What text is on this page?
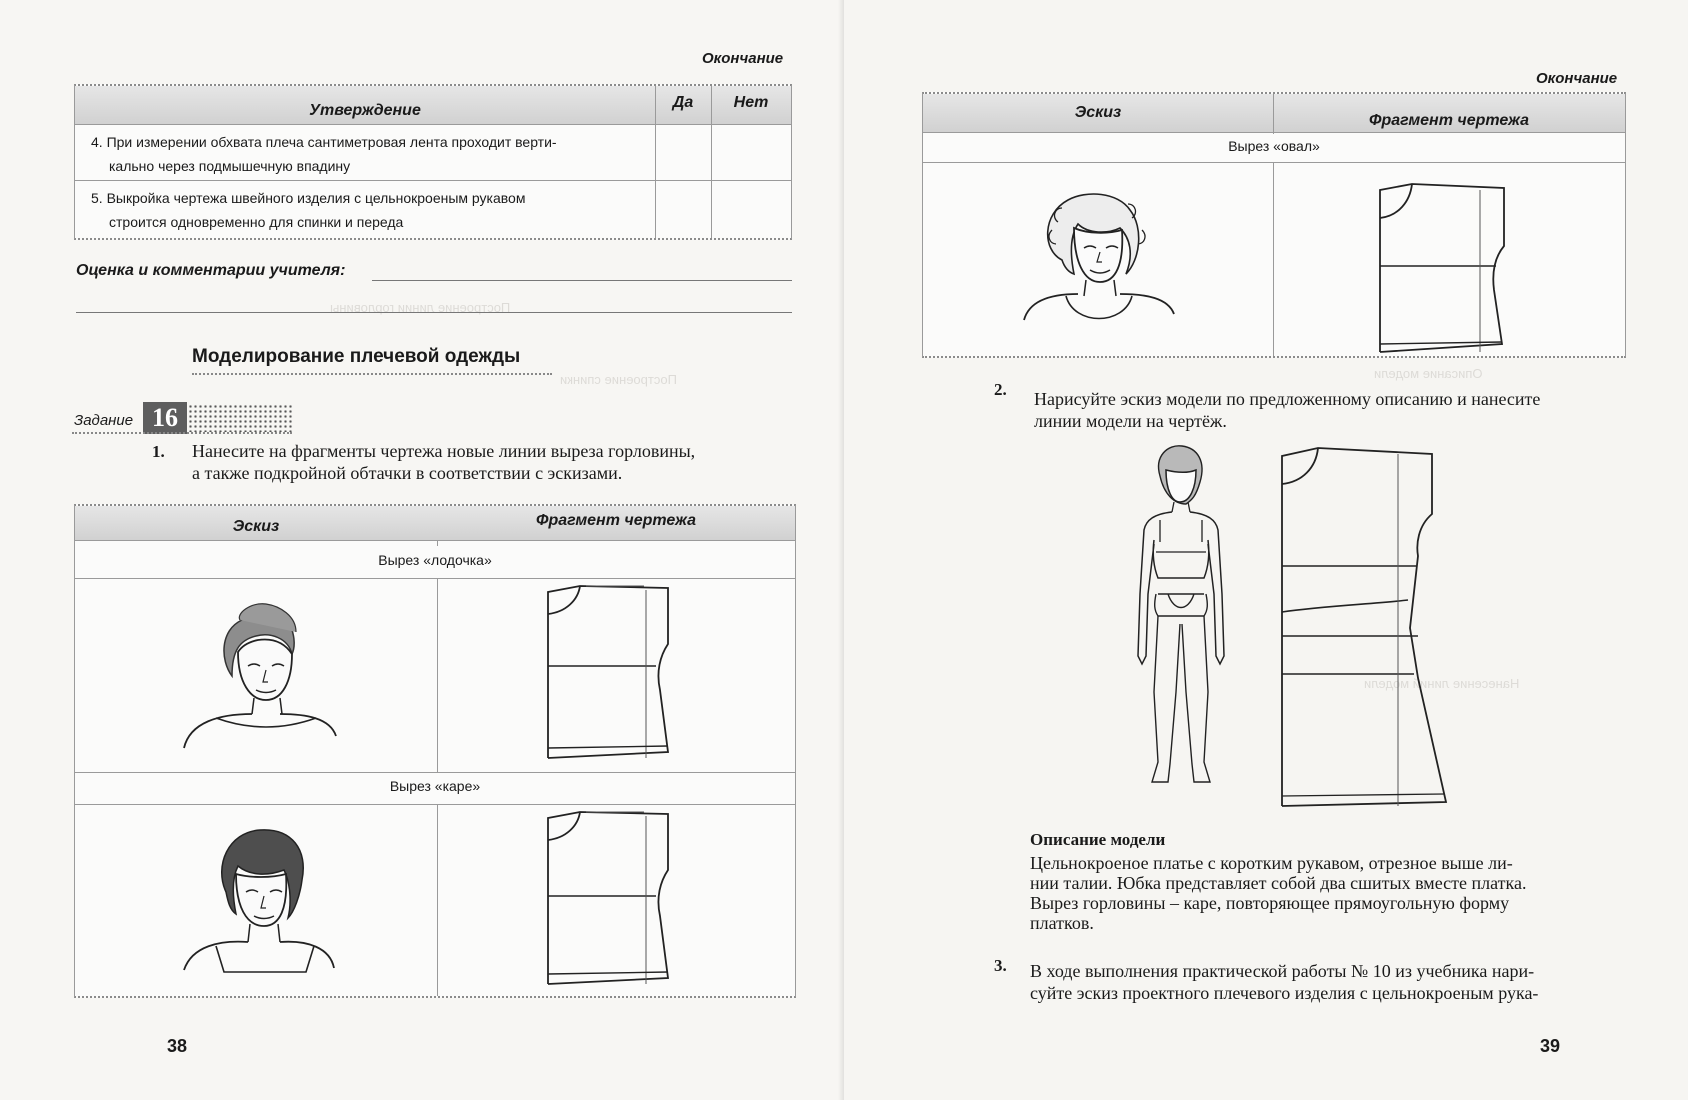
Построение линии горловины
Построение спинки
Окончание
Утверждение	Да	Нет
4. При измерении обхвата плеча сантиметровая лента проходит верти-
кально через подмышечную впадину
5. Выкройка чертежа швейного изделия с цельнокроеным рукавом
строится одновременно для спинки и переда
Оценка и комментарии учителя:
Моделирование плечевой одежды
Задание 16
1. Нанесите на фрагменты чертежа новые линии выреза горловины,
а также подкройной обтачки в соответствии с эскизами.
Эскиз	Фрагмент чертежа
Вырез «лодочка»
Вырез «каре»
38
Описание модели
Нанесение линий модели
Окончание
Эскиз	Фрагмент чертежа
Вырез «овал»
2. Нарисуйте эскиз модели по предложенному описанию и нанесите
линии модели на чертёж.
Описание модели
Цельнокроеное платье с коротким рукавом, отрезное выше ли-
нии талии. Юбка представляет собой два сшитых вместе платка.
Вырез горловины – каре, повторяющее прямоугольную форму
платков.
3. В ходе выполнения практической работы № 10 из учебника нари-
суйте эскиз проектного плечевого изделия с цельнокроеным рука-
39
